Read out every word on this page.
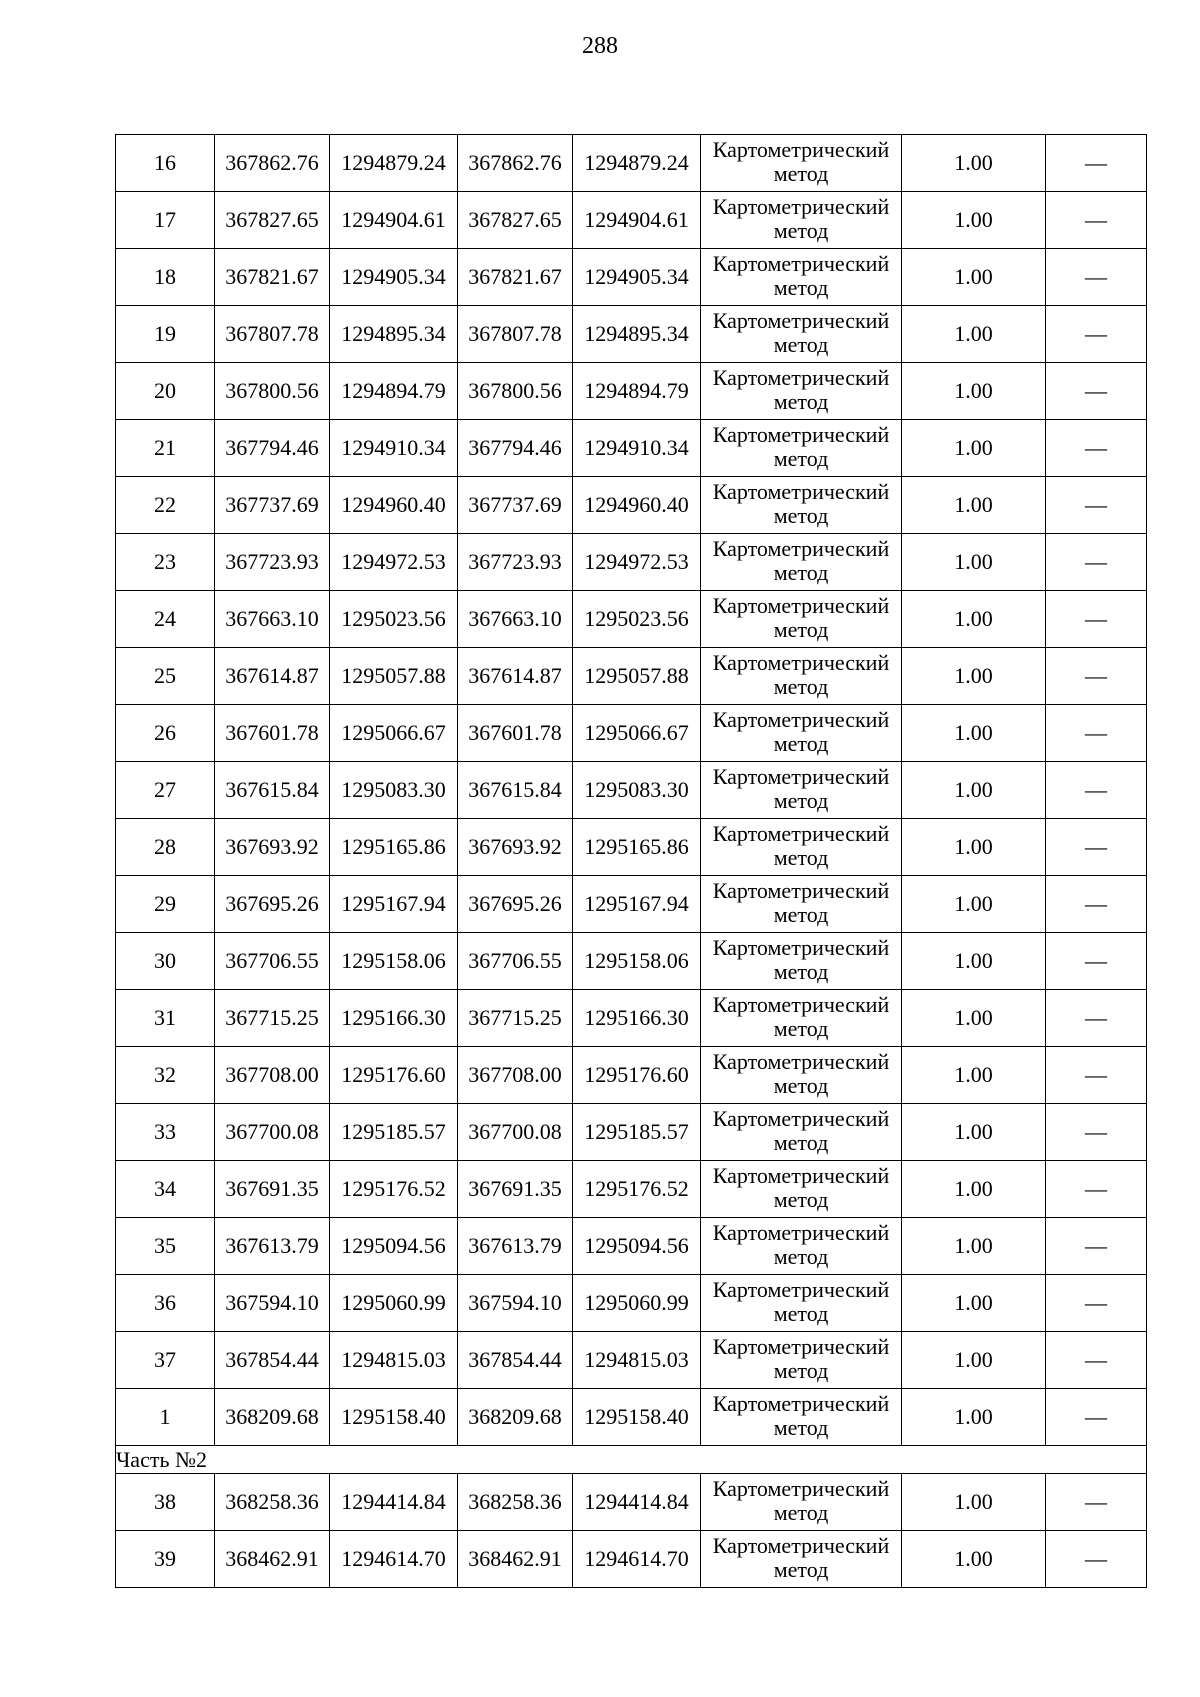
288
16	367862.76	1294879.24	367862.76	1294879.24	Картометрический
метод	1.00	—
17	367827.65	1294904.61	367827.65	1294904.61	Картометрический
метод	1.00	—
18	367821.67	1294905.34	367821.67	1294905.34	Картометрический
метод	1.00	—
19	367807.78	1294895.34	367807.78	1294895.34	Картометрический
метод	1.00	—
20	367800.56	1294894.79	367800.56	1294894.79	Картометрический
метод	1.00	—
21	367794.46	1294910.34	367794.46	1294910.34	Картометрический
метод	1.00	—
22	367737.69	1294960.40	367737.69	1294960.40	Картометрический
метод	1.00	—
23	367723.93	1294972.53	367723.93	1294972.53	Картометрический
метод	1.00	—
24	367663.10	1295023.56	367663.10	1295023.56	Картометрический
метод	1.00	—
25	367614.87	1295057.88	367614.87	1295057.88	Картометрический
метод	1.00	—
26	367601.78	1295066.67	367601.78	1295066.67	Картометрический
метод	1.00	—
27	367615.84	1295083.30	367615.84	1295083.30	Картометрический
метод	1.00	—
28	367693.92	1295165.86	367693.92	1295165.86	Картометрический
метод	1.00	—
29	367695.26	1295167.94	367695.26	1295167.94	Картометрический
метод	1.00	—
30	367706.55	1295158.06	367706.55	1295158.06	Картометрический
метод	1.00	—
31	367715.25	1295166.30	367715.25	1295166.30	Картометрический
метод	1.00	—
32	367708.00	1295176.60	367708.00	1295176.60	Картометрический
метод	1.00	—
33	367700.08	1295185.57	367700.08	1295185.57	Картометрический
метод	1.00	—
34	367691.35	1295176.52	367691.35	1295176.52	Картометрический
метод	1.00	—
35	367613.79	1295094.56	367613.79	1295094.56	Картометрический
метод	1.00	—
36	367594.10	1295060.99	367594.10	1295060.99	Картометрический
метод	1.00	—
37	367854.44	1294815.03	367854.44	1294815.03	Картометрический
метод	1.00	—
1	368209.68	1295158.40	368209.68	1295158.40	Картометрический
метод	1.00	—
Часть №2							
38	368258.36	1294414.84	368258.36	1294414.84	Картометрический
метод	1.00	—
39	368462.91	1294614.70	368462.91	1294614.70	Картометрический
метод	1.00	—
